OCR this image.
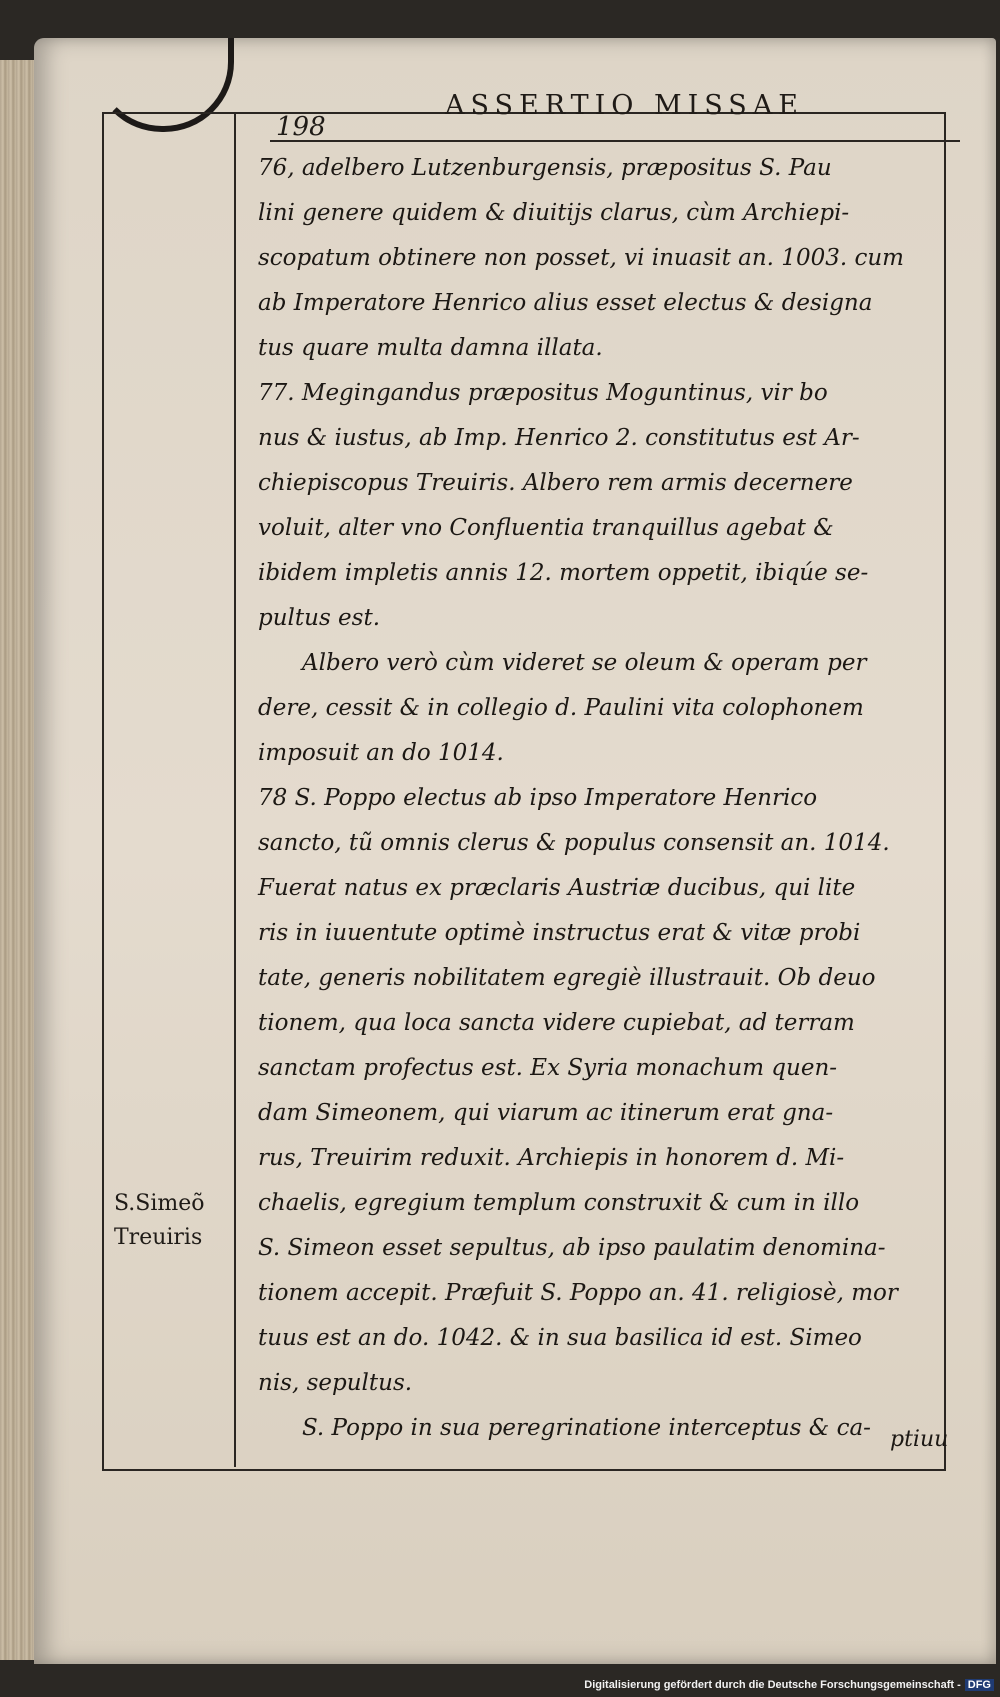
198
ASSERTIO MISSAE
S.Simeõ
Treuiris
76, adelbero Lutzenburgensis, præpositus S. Pau
lini genere quidem & diuitijs clarus, cùm Archiepi-
scopatum obtinere non posset, vi inuasit an. 1003. cum
ab Imperatore Henrico alius esset electus & designa
tus quare multa damna illata.
77. Megingandus præpositus Moguntinus, vir bo
nus & iustus, ab Imp. Henrico 2. constitutus est Ar-
chiepiscopus Treuiris. Albero rem armis decernere
voluit, alter vno Confluentia tranquillus agebat &
ibidem impletis annis 12. mortem oppetit, ibiqúe se-
pultus est.
Albero verò cùm videret se oleum & operam per
dere, cessit & in collegio d. Paulini vita colophonem
imposuit an do 1014.
78 S. Poppo electus ab ipso Imperatore Henrico
sancto, tũ omnis clerus & populus consensit an. 1014.
Fuerat natus ex præclaris Austriæ ducibus, qui lite
ris in iuuentute optimè instructus erat & vitæ probi
tate, generis nobilitatem egregiè illustrauit. Ob deuo
tionem, qua loca sancta videre cupiebat, ad terram
sanctam profectus est. Ex Syria monachum quen-
dam Simeonem, qui viarum ac itinerum erat gna-
rus, Treuirim reduxit. Archiepis in honorem d. Mi-
chaelis, egregium templum construxit & cum in illo
S. Simeon esset sepultus, ab ipso paulatim denomina-
tionem accepit. Præfuit S. Poppo an. 41. religiosè, mor
tuus est an do. 1042. & in sua basilica id est. Simeo
nis, sepultus.
S. Poppo in sua peregrinatione interceptus & ca- ptiuu
Digitalisierung gefördert durch die Deutsche Forschungsgemeinschaft - DFG
